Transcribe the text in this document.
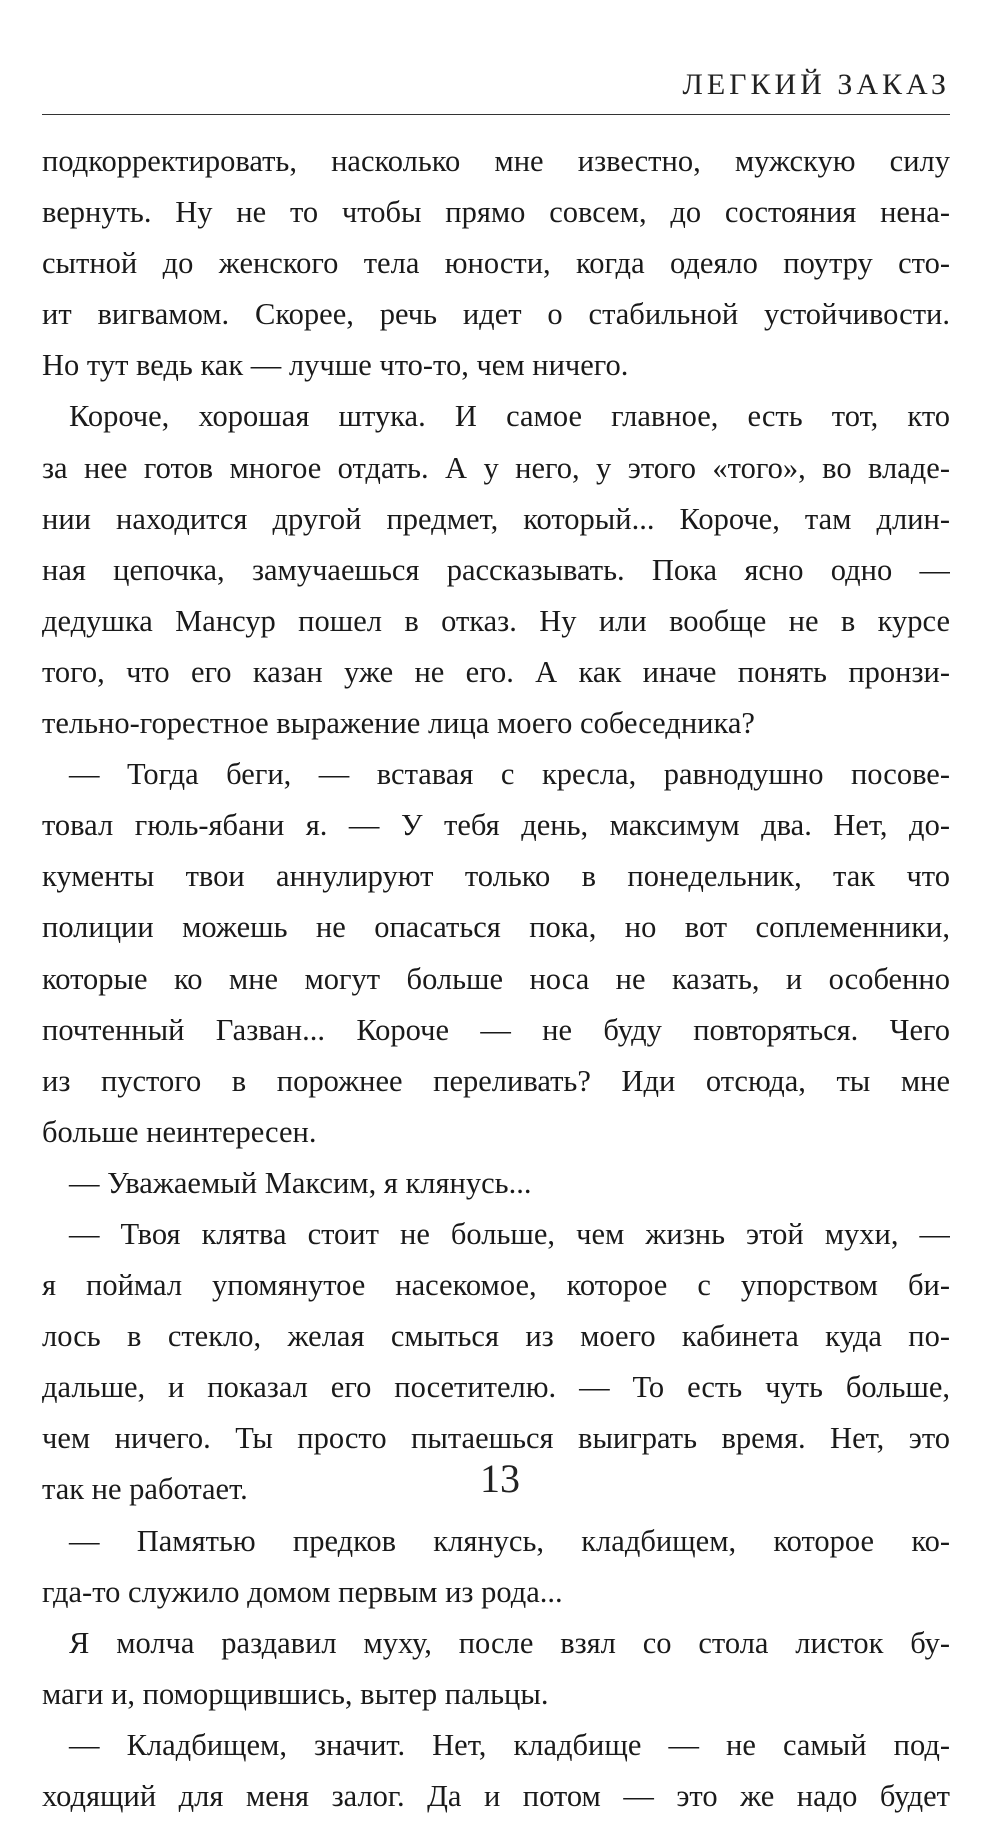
ЛЕГКИЙ ЗАКАЗ
подкорректировать, насколько мне известно, мужскую силу
вернуть. Ну не то чтобы прямо совсем, до состояния нена-
сытной до женского тела юности, когда одеяло поутру сто-
ит вигвамом. Скорее, речь идет о стабильной устойчивости.
Но тут ведь как — лучше что-то, чем ничего.
Короче, хорошая штука. И самое главное, есть тот, кто
за нее готов многое отдать. А у него, у этого «того», во владе-
нии находится другой предмет, который... Короче, там длин-
ная цепочка, замучаешься рассказывать. Пока ясно одно —
дедушка Мансур пошел в отказ. Ну или вообще не в курсе
того, что его казан уже не его. А как иначе понять пронзи-
тельно-горестное выражение лица моего собеседника?
— Тогда беги, — вставая с кресла, равнодушно посове-
товал гюль-ябани я. — У тебя день, максимум два. Нет, до-
кументы твои аннулируют только в понедельник, так что
полиции можешь не опасаться пока, но вот соплеменники,
которые ко мне могут больше носа не казать, и особенно
почтенный Газван... Короче — не буду повторяться. Чего
из пустого в порожнее переливать? Иди отсюда, ты мне
больше неинтересен.
— Уважаемый Максим, я клянусь...
— Твоя клятва стоит не больше, чем жизнь этой мухи, —
я поймал упомянутое насекомое, которое с упорством би-
лось в стекло, желая смыться из моего кабинета куда по-
дальше, и показал его посетителю. — То есть чуть больше,
чем ничего. Ты просто пытаешься выиграть время. Нет, это
так не работает.
— Памятью предков клянусь, кладбищем, которое ко-
гда-то служило домом первым из рода...
Я молча раздавил муху, после взял со стола листок бу-
маги и, поморщившись, вытер пальцы.
— Кладбищем, значит. Нет, кладбище — не самый под-
ходящий для меня залог. Да и потом — это же надо будет
13
